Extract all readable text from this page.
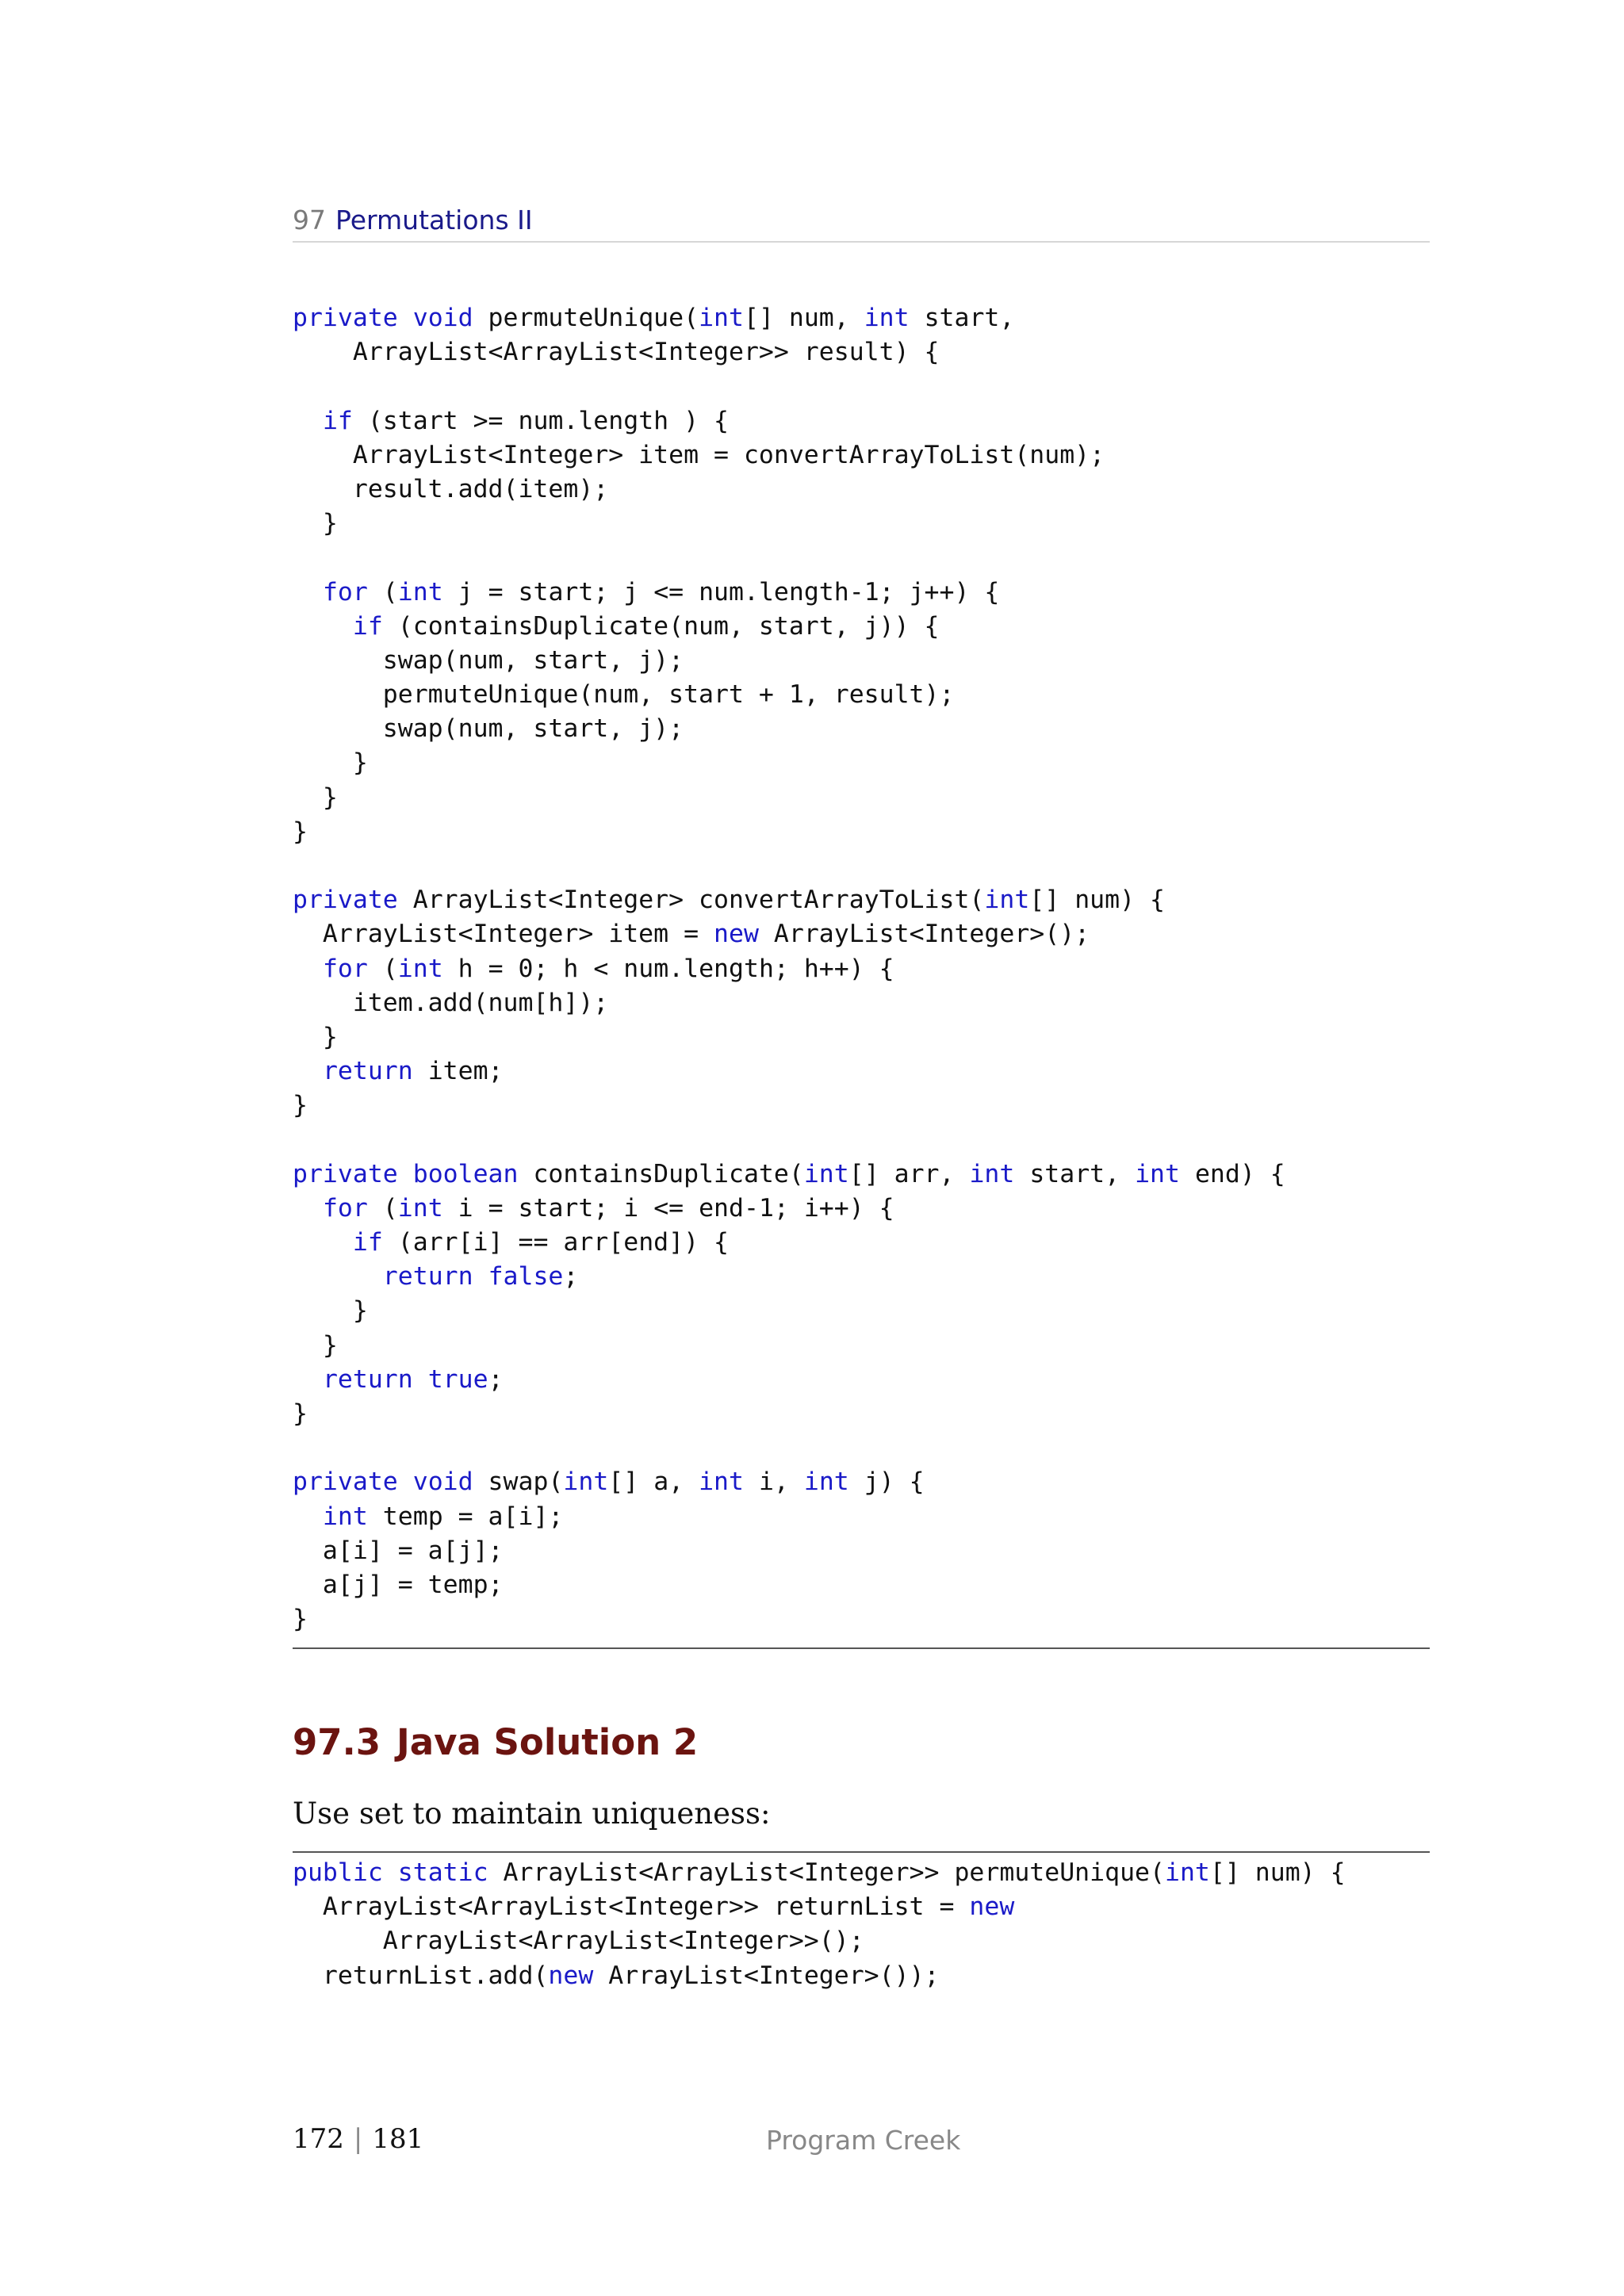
97 Permutations II
private void permuteUnique(int[] num, int start,
ArrayList<ArrayList<Integer>> result) {
if (start >= num.length ) {
ArrayList<Integer> item = convertArrayToList(num);
result.add(item);
}
for (int j = start; j <= num.length-1; j++) {
if (containsDuplicate(num, start, j)) {
swap(num, start, j);
permuteUnique(num, start + 1, result);
swap(num, start, j);
}
}
}
private ArrayList<Integer> convertArrayToList(int[] num) {
ArrayList<Integer> item = new ArrayList<Integer>();
for (int h = 0; h < num.length; h++) {
item.add(num[h]);
}
return item;
}
private boolean containsDuplicate(int[] arr, int start, int end) {
for (int i = start; i <= end-1; i++) {
if (arr[i] == arr[end]) {
return false;
}
}
return true;
}
private void swap(int[] a, int i, int j) {
int temp = a[i];
a[i] = a[j];
a[j] = temp;
}
97.3 Java Solution 2
Use set to maintain uniqueness:
public static ArrayList<ArrayList<Integer>> permuteUnique(int[] num) {
ArrayList<ArrayList<Integer>> returnList = new
ArrayList<ArrayList<Integer>>();
returnList.add(new ArrayList<Integer>());
172 | 181	Program Creek
